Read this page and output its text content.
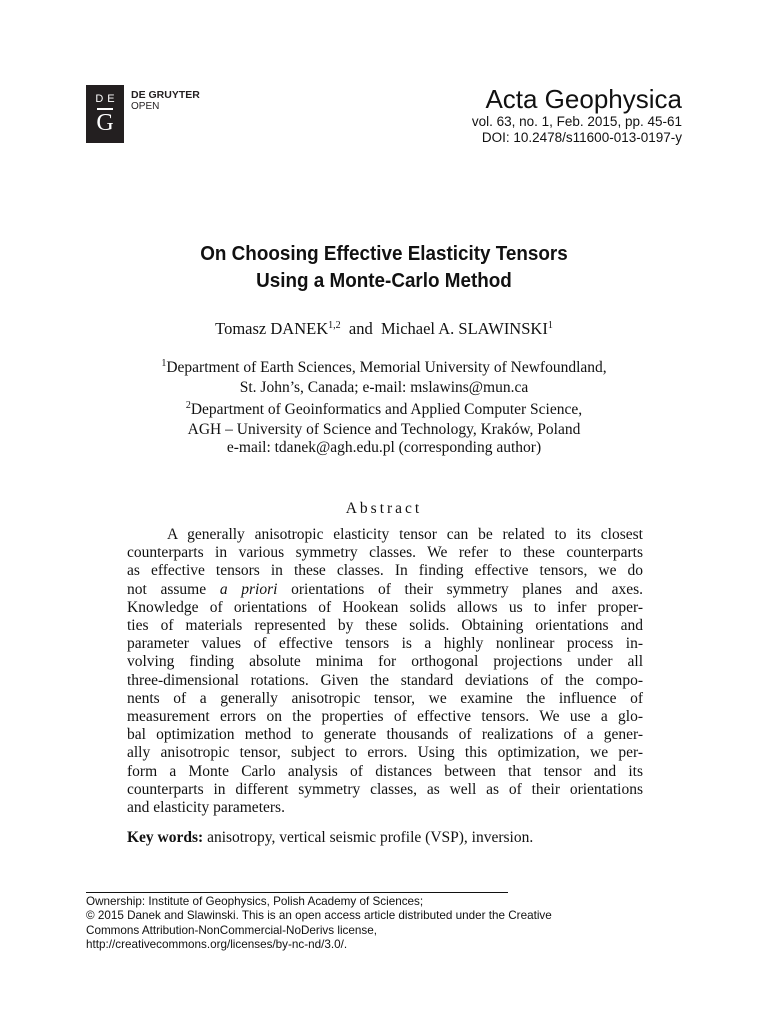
DE
G
DE GRUYTER
OPEN	Acta Geophysica
vol. 63, no. 1, Feb. 2015, pp. 45-61
DOI: 10.2478/s11600-013-0197-y
On Choosing Effective Elasticity Tensors
Using a Monte-Carlo Method
Tomasz DANEK$^{1,2}$ and Michael A. SLAWINSKI$^1$
$^1$Department of Earth Sciences, Memorial University of Newfoundland,
St. John’s, Canada; e-mail: mslawins@mun.ca
$^2$Department of Geoinformatics and Applied Computer Science,
AGH – University of Science and Technology, Kraków, Poland
e-mail: tdanek@agh.edu.pl (corresponding author)
Abstract
A generally anisotropic elasticity tensor can be related to its closest
counterparts in various symmetry classes. We refer to these counterparts
as effective tensors in these classes. In finding effective tensors, we do
not assume a priori orientations of their symmetry planes and axes.
Knowledge of orientations of Hookean solids allows us to infer proper-
ties of materials represented by these solids. Obtaining orientations and
parameter values of effective tensors is a highly nonlinear process in-
volving finding absolute minima for orthogonal projections under all
three-dimensional rotations. Given the standard deviations of the compo-
nents of a generally anisotropic tensor, we examine the influence of
measurement errors on the properties of effective tensors. We use a glo-
bal optimization method to generate thousands of realizations of a gener-
ally anisotropic tensor, subject to errors. Using this optimization, we per-
form a Monte Carlo analysis of distances between that tensor and its
counterparts in different symmetry classes, as well as of their orientations
and elasticity parameters.
Key words: anisotropy, vertical seismic profile (VSP), inversion.
Ownership: Institute of Geophysics, Polish Academy of Sciences;
© 2015 Danek and Slawinski. This is an open access article distributed under the Creative
Commons Attribution-NonCommercial-NoDerivs license,
http://creativecommons.org/licenses/by-nc-nd/3.0/.
